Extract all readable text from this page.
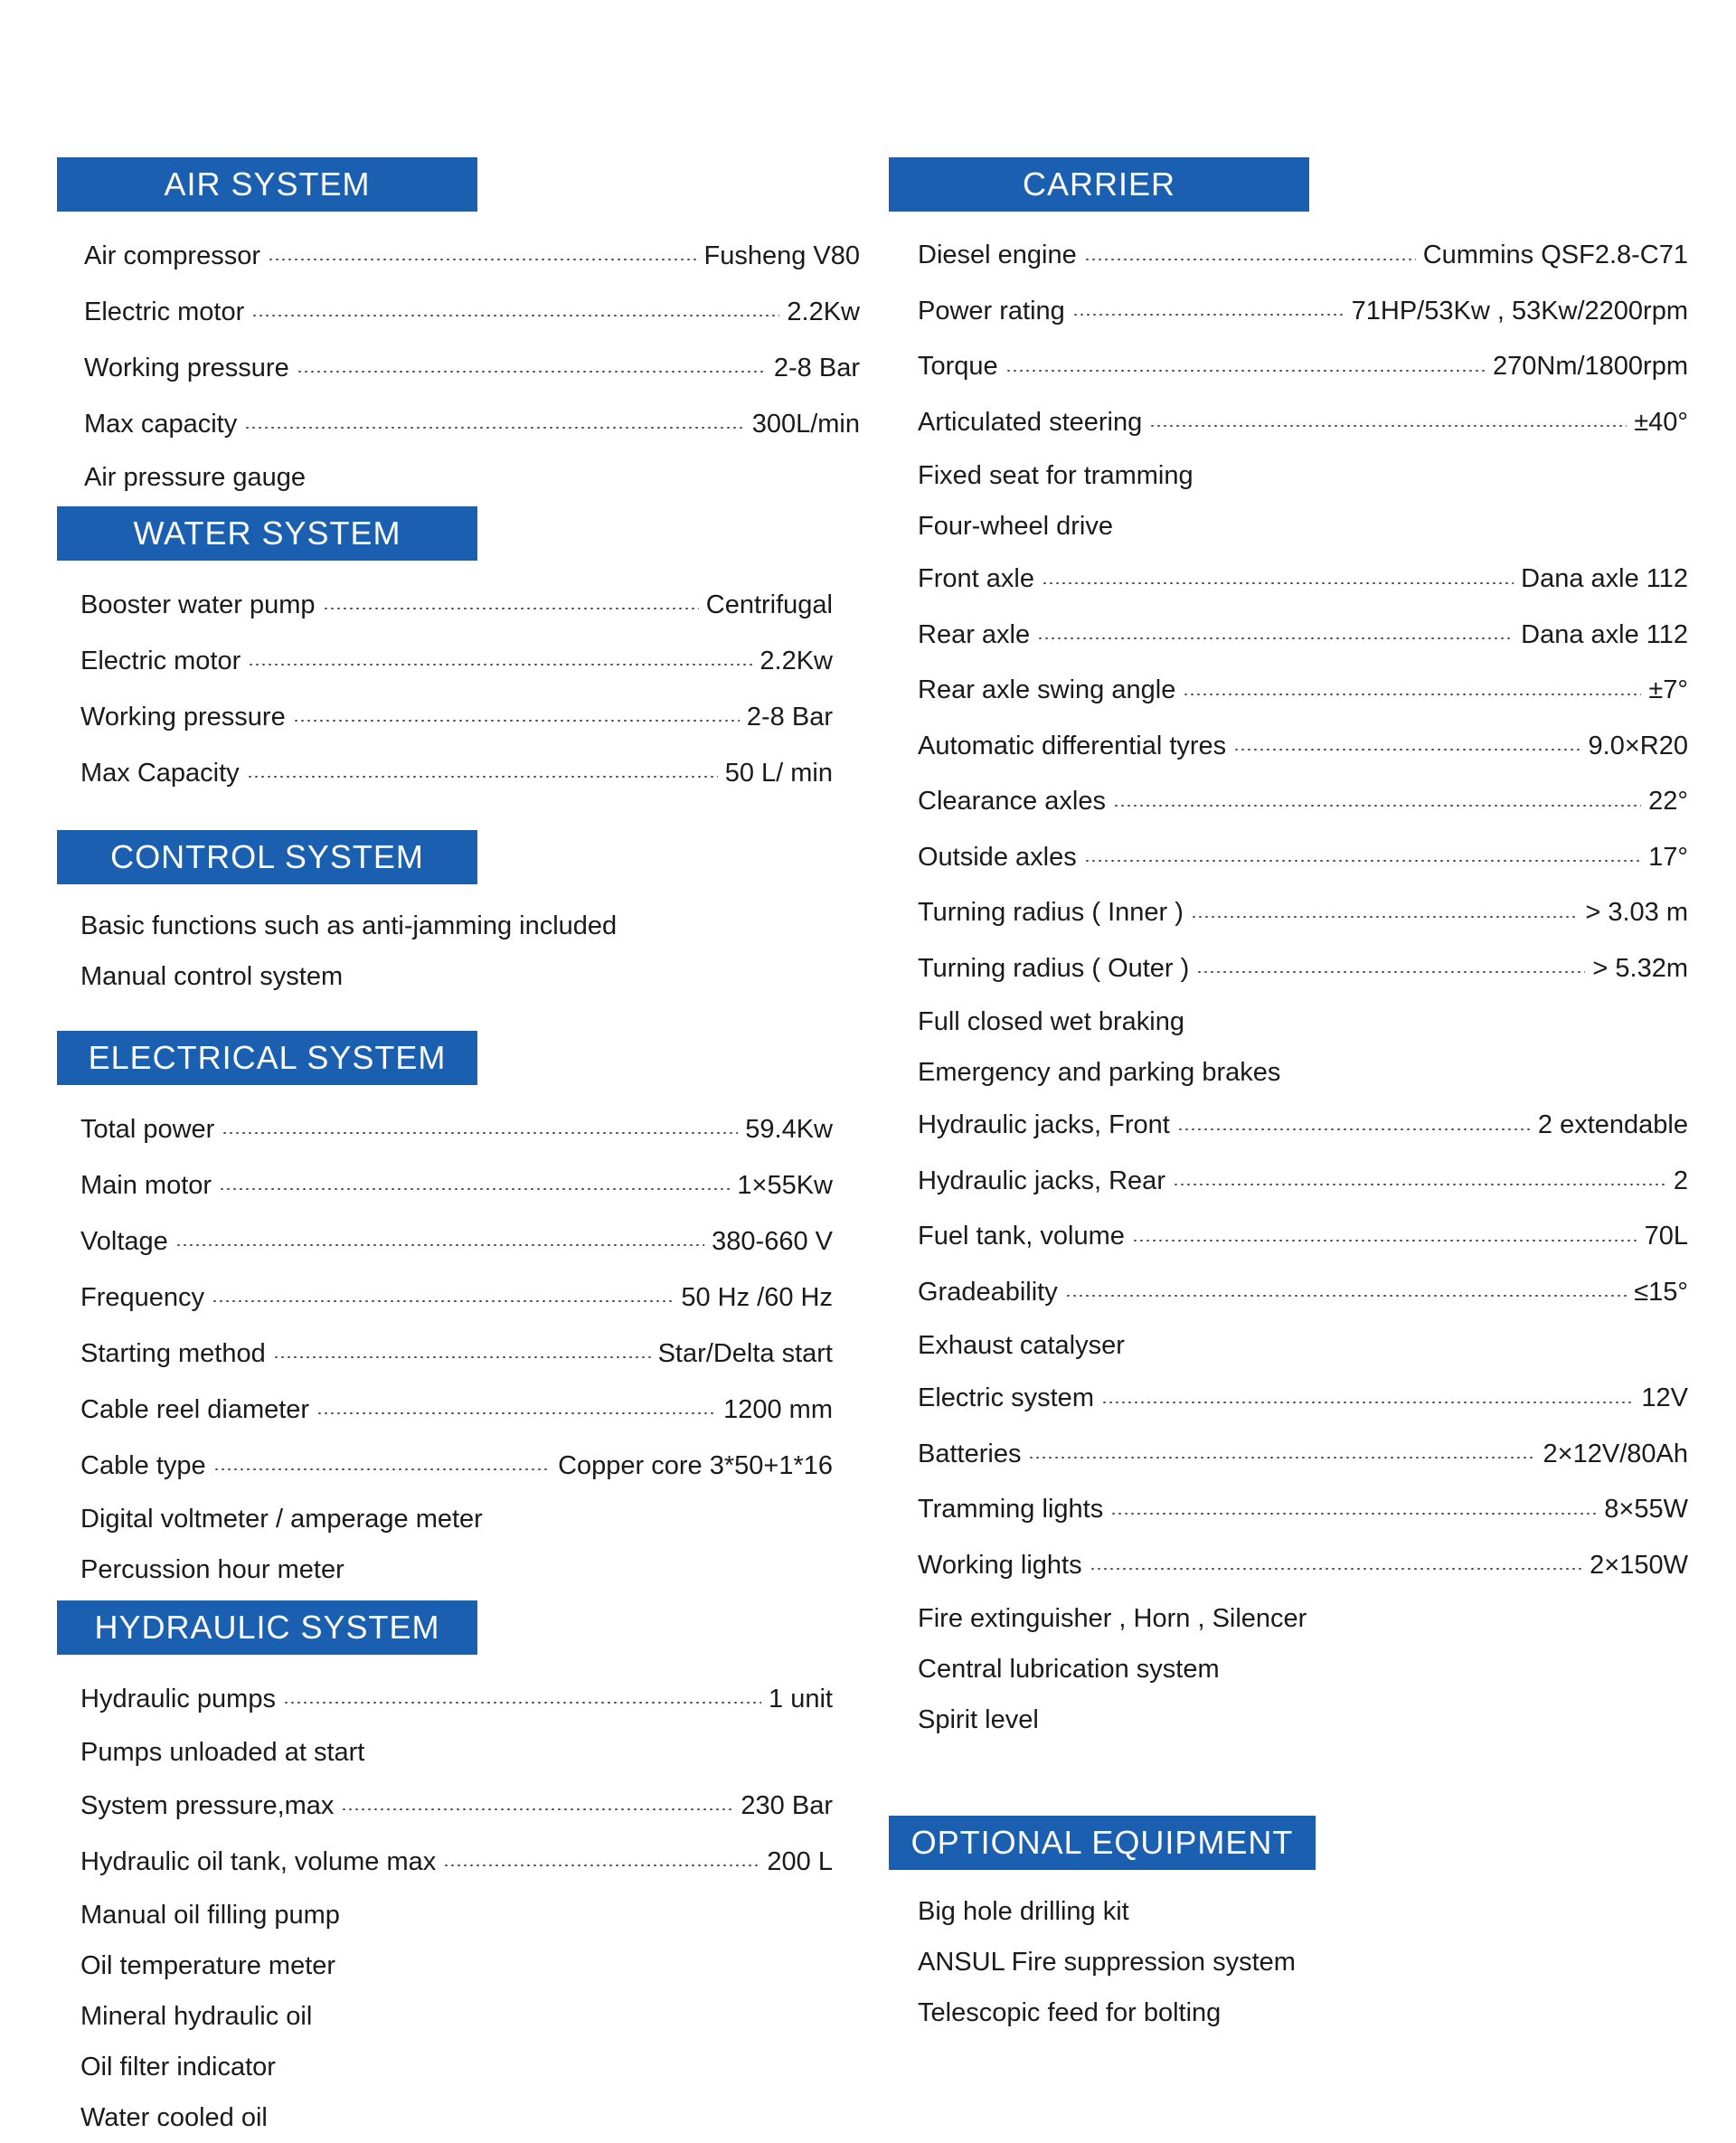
AIR SYSTEM
Air compressor	Fusheng V80
Electric motor	2.2Kw
Working pressure	2-8 Bar
Max capacity	300L/min
Air pressure gauge
WATER SYSTEM
Booster water pump	Centrifugal
Electric motor	2.2Kw
Working pressure	2-8 Bar
Max Capacity	50 L/ min
CONTROL SYSTEM
Basic functions such as anti-jamming included
Manual control system
ELECTRICAL SYSTEM
Total power	59.4Kw
Main motor	1×55Kw
Voltage	380-660 V
Frequency	50 Hz /60 Hz
Starting method	Star/Delta start
Cable reel diameter	1200 mm
Cable type	Copper core 3*50+1*16
Digital voltmeter / amperage meter
Percussion hour meter
HYDRAULIC SYSTEM
Hydraulic pumps	1 unit
Pumps unloaded at start
System pressure,max	230 Bar
Hydraulic oil tank, volume max	200 L
Manual oil filling pump
Oil temperature meter
Mineral hydraulic oil
Oil filter indicator
Water cooled oil
CARRIER
Diesel engine	Cummins QSF2.8-C71
Power rating	71HP/53Kw , 53Kw/2200rpm
Torque	270Nm/1800rpm
Articulated steering	±40°
Fixed seat for tramming
Four-wheel drive
Front axle	Dana axle 112
Rear axle	Dana axle 112
Rear axle swing angle	±7°
Automatic differential tyres	9.0×R20
Clearance axles	22°
Outside axles	17°
Turning radius ( Inner )	> 3.03 m
Turning radius ( Outer )	> 5.32m
Full closed wet braking
Emergency and parking brakes
Hydraulic jacks, Front	2 extendable
Hydraulic jacks, Rear	2
Fuel tank, volume	70L
Gradeability	≤15°
Exhaust catalyser
Electric system	12V
Batteries	2×12V/80Ah
Tramming lights	8×55W
Working lights	2×150W
Fire extinguisher , Horn , Silencer
Central lubrication system
Spirit level
OPTIONAL EQUIPMENT
Big hole drilling kit
ANSUL Fire suppression system
Telescopic feed for bolting
